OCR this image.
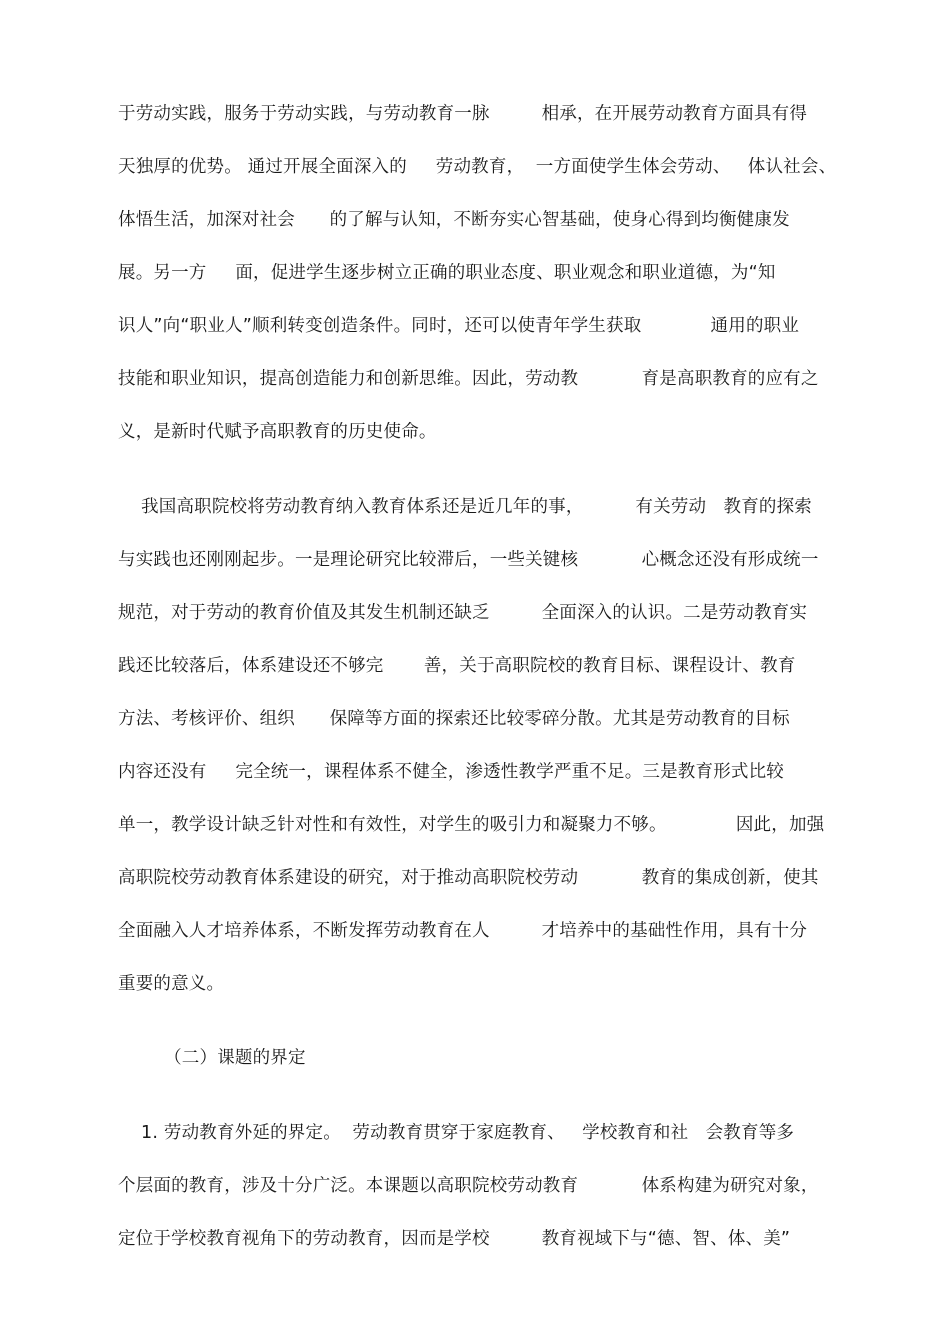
于劳动实践，服务于劳动实践，与劳动教育一脉         相承，在开展劳动教育方面具有得
天独厚的优势。 通过开展全面深入的     劳动教育，  一方面使学生体会劳动、   体认社会、
体悟生活，加深对社会      的了解与认知，不断夯实心智基础，使身心得到均衡健康发
展。另一方     面，促进学生逐步树立正确的职业态度、职业观念和职业道德，为“知
识人”向“职业人”顺利转变创造条件。同时，还可以使青年学生获取            通用的职业
技能和职业知识，提高创造能力和创新思维。因此，劳动教           育是高职教育的应有之
义，是新时代赋予高职教育的历史使命。
我国高职院校将劳动教育纳入教育体系还是近几年的事，         有关劳动   教育的探索
与实践也还刚刚起步。一是理论研究比较滞后，一些关键核           心概念还没有形成统一
规范，对于劳动的教育价值及其发生机制还缺乏         全面深入的认识。二是劳动教育实
践还比较落后，体系建设还不够完       善，关于高职院校的教育目标、课程设计、教育
方法、考核评价、组织      保障等方面的探索还比较零碎分散。尤其是劳动教育的目标
内容还没有     完全统一，课程体系不健全，渗透性教学严重不足。三是教育形式比较
单一，教学设计缺乏针对性和有效性，对学生的吸引力和凝聚力不够。            因此，加强
高职院校劳动教育体系建设的研究，对于推动高职院校劳动           教育的集成创新，使其
全面融入人才培养体系，不断发挥劳动教育在人         才培养中的基础性作用，具有十分
重要的意义。
（二）课题的界定
1. 劳动教育外延的界定。  劳动教育贯穿于家庭教育、   学校教育和社   会教育等多
个层面的教育，涉及十分广泛。本课题以高职院校劳动教育           体系构建为研究对象，
定位于学校教育视角下的劳动教育，因而是学校         教育视域下与“德、智、体、美”
